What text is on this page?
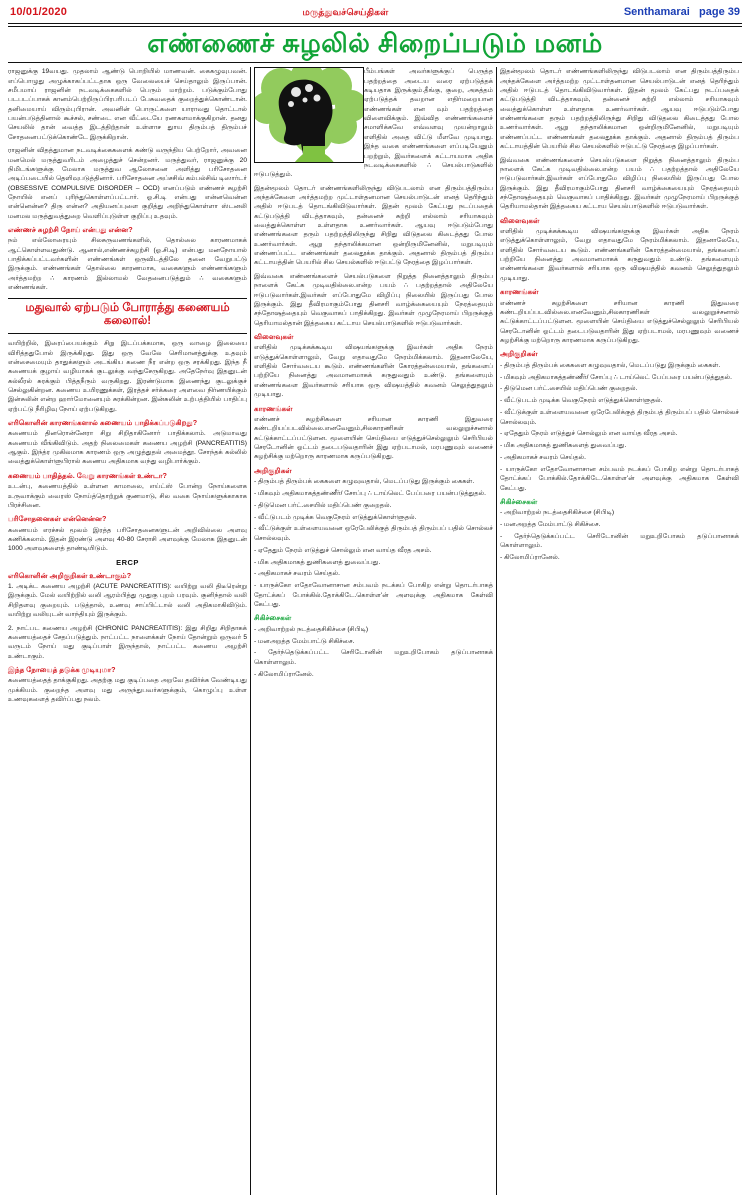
10/01/2020	மருத்துவச்செய்திகள்	Senthamarai   page 39
எண்ணைச் சுழலில் சிறைப்படும் மனம்

ராஜனுக்கு 19வயது. முதலாம் ஆண்டு பொறியில் மாணவன். கைகழுவுபவன். எப்பொழுது அழுக்காகப்பட்டதாக ஒரு வேலையைச் செய்தாலும் இருப்பான். சமீபமாய் ராஜனின் நடவடிக்கைகளில் பெரும் மாற்றம். படுக்கும்போது படபடப்பாகக் கானம்பெற்றிருப்பிரபரிபடப் பேசுவதைக் குறைத்துக்கொண்டான். தனிமையாய் விரும்புபிரான். அவனின் பொருட்களை யாராவது தொட்டால் பயன்படுத்தினால் கூச்சல், சண்டை என வீட்டையே ரணகளமாக்குகிறான். தனது செயலில் தான் வைத்த இடத்திற்தான் உள்ளாச துாய திரும்பத் திரும்பச் சோதனைபட்டுக்கொண்டே இருக்கிறான்.

ராஜனின் விதத்துமான நடவடிக்கைகளைக் கண்டு வருந்திய பெற்றோர், அவனை மனமெல் மருத்துவரிடம் அழைத்துச் சென்றனர். மருத்துவர், ராஜனுக்கு 20 நிமிடங்களுக்கு மேலாக மருத்துவ ஆலோசனை அளித்து பரிசோதனை அடிப்படையில் தெளிவுபடுத்தினார். பரிசோதனை அப்சசிவ் கம்பல்சிவ் டிஸார்டர் (OBSESSIVE COMPULSIVE DISORDER – OCD) எனப்படும் எண்ணச் சுழற்சி நோயில் எனப் புரிந்துகொள்ளப்பட்டார். ஓ.சி.டி என்பது என்னவென்ன என்னென்ன? திரு என்ன? அதியனப்புளை குறித்து அறிந்துகொள்ளா ஸ்டனலி மனமல மருத்துவத்துறை வெளிப்புடுள்ள குறிப்பு உதவும்.

எண்ணச் சுழற்சி நோய் என்பது என்ன?

நம் எல்லோரையும் சிலசுருவணங்களில், தொல்லை காரணமாகக் ஆட்கொள்ளவதுண்டு. ஆனால்,எண்ணச்சுழற்சி (ஓ.சி.டி) என்பது மனநோயால் பாதிக்கப்பட்டவர்களின் எண்ணங்கள் ஒருவிடத்திலே தனை வேறுபட்டு இருக்கும். எண்ணங்கள் தொல்லை காரணமாக, வகைகளும் எண்ணங்களும் அர்த்தமற்ற ∴ காரணம் இல்லாமல் வேதனைபடுத்தும் ∴ வகைகளும் எண்ணங்கள்.

மதுவால் ஏற்படும் போராத்து கணையம் கலைால்!

வயிற்றில், இரைப்பையக்கும் சிறு இடப்பக்கமாக, ஒரு வாழை இலையை விரித்ததுபோல் இருக்கிறது. இது ஒரு வேலே செரிமானத்துக்கு உதவும் என்சைமையும் தாதுக்களும் அடங்கிய கணை நீர என்ற ஒரு சரக்கிறது. இந்த நீ கணையக் குழாய் வழியாகக் குடலுக்கு வந்துசேருகிறது. அதேநேர்வு இதனுடன் கல்லீரல் சுரக்கும் பித்தநீரும் வருகிறது. இரண்டுமாக இணைந்து குடலுக்குச் செல்லுகின்றன. கணைய உயிரணுக்கள், இரத்தச் சர்க்கரை அளவை நிர்ணயிக்கும் இன்சுலின் என்ற ஹார்மோனையும் சுரக்கின்றன. இன்சுலின் உற்பத்தியில் பாதிப்பு ஏற்பட்டு நீரிழிவு நோய் ஏற்படுகிறது.

எரிகொளின் காரணங்களால் கணையம் பாதிக்கப்படுகிறது?

கணையம் தினரொன்னேரா சிறு சிறிதாகினோர் பாதிக்கலாம். அடுமாவது கணையம் வீங்கிவிடும். அதற் நிலைமைகள் கணைய அழற்சி (PANCREATITIS) ஆகும். இந்த்ர முகிலமாக காரணம் ஒரு அழுத்துதல் அமைத்தூ. சோந்தக் கல்லில் வைத்துக்கொள்ளுபிரால் கணைய அதிகமாக வந்து வழிபார்க்கும்.

கணையம் பாதித்தல். வேறு காரணங்கள் உண்டா?

உடன்பு, கணையத்தில் உள்ளன காமாலை, எய்ட்ஸ் போன்ற நோய்களைக உருவாக்கும் வைரஸ் நோய்த்தொற்றுக் குணமாடு, சில வகை நோய்களுக்காகாக பிரச்சினை.

பரிசோதனைகள் என்னென்ன?

கணையம் எரச்சல் மூலம் இரத்த பரிசோதனைகளுடன் அறிவில்லை அளவு கணிக்கலாம். இதன் இரண்டு அளவு 40-80 சேராசி அளவுக்கு மேலாக இதனுடன் 1000 அளவுகளைத் தாண்டியிடும்.

ERCP
எரிகொளின் அறிகுறிகள் உண்டாகும்?

1. அடிக்ட கணைய அழற்சி (ACUTE PANCREATITIS): வயிற்று வலி திடீரென்று இருக்கும். மேல் வயிற்றில் வலி ஆரம்பித்து முதுகு புறம் பரவும். குனிந்தால் வலி சிறிதளவு குறையும். படுத்தால், உணவு சாப்பிட்டால் வலி அதிகமாகிவிடும். வயிற்று வலியுடன் வாந்தியும் இருக்கும்.

2. நாட்பட கணைய அழற்சி (CHRONIC PANCREATITIS): இது சிறிது சிறிதாகக் கணையத்தைச் சேதப்படுத்தும். நாட்பட்ட நாளைக்கள் நோய் தோன்றும் ஒருவர் 5 வருடம் நோய் மது குடிப்பாள் இருந்தால், நாட்பட்ட கணைய அழற்சி உண்டாகும்.

இந்த நோயைத் தடுக்க முடியுமா?

கணையத்தைத் தாக்குகிறது. அதற்கு மது குடிப்பதை அறவே தவிர்க்க வேண்டியது முக்கியம். குறைந்த அளவு மது அருந்துபவர்களுக்கும், கொழுப்பு உள்ள உணவுகளைத் தவிர்ப்பது நலம்.

பீம்பங்கள் அவர்களுக்குப் பெருத்த பதற்றத்தை அடைய வரை ஏற்படுத்தக் கடியதாக இருக்கும்.தீங்கு, குறை, அசுத்தம் ஏற்படுத்தக் தவறான எதிர்மறையான எண்ணங்கள் என வும் பதற்றத்தை விளைவிக்கும். இவ்வித எண்ணங்களைச் சமாளிக்கவே எவ்வளவு முயன்றாலும் எளிதில் அதை விட்டு மீளவே முடியாது. இந்த வகை எண்ணங்களை எப்படியேனும் பறற்றும், இவர்களைக் கட்டாயமாக அதிக நடவடிக்கைகளில் ∴ செயல்பாடுகளில் ஈடுபடுத்தும்.

இதன்மூலம் தொடர் எண்ணங்களிலிருந்து விடுபடலாம் என திரும்பத்திரும்ப அந்தக்கேளை அர்த்தமற்ற முட்டாள்தனமான செயல்பாடுடன் எனத் தெரிந்தும் அதில் ஈடுபடத் தொடங்கிவிடுவார்கள். இதன் மூலம் கேட்பது நடப்பதைக் கட்டுபடுத்தி விடத்தாகவும், தன்னைச் சுற்றி எல்லாம் சரியாகவும் வைத்துக்கொள்ள உள்ளதாக உணர்வார்கள். ஆயவு ஈடுபடும்போது எண்ணங்களை தரும் பதற்றத்திலிருந்து சிறிது விடுதலை கிடைத்தது போல உணர்வார்கள். ஆறு தந்தாலிக்கமான ஒன்றிருமினேனில், மறுபடியும் எண்ணப்பட்ட எண்ணங்கள் தலைதூக்க தாக்கும். அதனால் திரும்பத் திரும்ப கட்டாயத்தின் பெயரில் சில செயல்களில் ஈடுபட்டு நேரத்தை இழப்பார்கள்.

இவ்வகை எண்ணங்களைச் செயல்படுகளை நிறுத்த நினைத்தாலும் திரும்ப நாளைக் கேட்க முடிவதில்லை.என்ற பயம் ∴ பதற்றத்தால் அதிலேயே ஈடுபடுவார்கள்.இவர்கள் எப்போதுமே விழிப்பு நிலையில் இருப்பது போல இருக்கும். இது தீவிரமாகும்போது தினசரி வாழ்க்கையையும் நேரத்தையும் சந்தோஷத்தையும் வெகுவாகப் பாதிக்கிறது. இவர்கள் முழுநேரமாய் பிறருக்குத் தெரியாமல்தான் இத்தகைய கட்டாய செயல்பாடுகளில் ஈடுபடுவார்கள்.

விளைவுகள்

எளிதில் முடிக்கக்கூடிய விஷயங்களுக்கு இவர்கள் அதிக நேரம் எடுத்துக்கொள்ளாலும், வேறு எதாவதுமே நேரம்மிக்கலாம். இதனாலேயே, எளிதில் சோர்வடைய கூடும். எண்ணங்களின் கோரத்தன்மையால், தங்களைப் பற்றியே நினைத்து அவமானமாகக் கருதுவதும் உண்டு. தங்களையும் எண்ணங்களை இவர்களால் சரியாக ஒரு விஷயத்தில் கவனம் செலுத்துதலும் முடியாது.

காரணங்கள்

எண்ணச் சுழற்சிகளை சரியான காரணி இதுவரை கண்டறியப்படவில்லை.எனவேனும்,சிலகாரணிகள் வலலுறுச்சனால் சுட்டுக்காட்டப்பட்டுளன. மூளையின் செய்தியை எடுத்துச்செல்லுலும் செரிபியல் செரடோனின் ஓட்டம் தடைபடுவதாரின் இது ஏற்படாமல், மரபணுவும் வணைச் சுழற்சிக்கு மற்றொரு காரணமாக கருப்படுகிறது.

அறிகுறிகள்

- திரும்பத் திரும்பக் கைகளை கழுவுவதால், மெடப்படுது இருக்கும் கைகள்.

- மிகவும் அதிகமாகத்தண்ணீர்/ சோப்பு ∴ டாய்லெட் பேப்பரை பயன்படுத்துதல்.

- திடுமென பர்ட்.சையில் மதிப்பெண் குறைதல்.

- வீட்டுபடம் முடிக்க வெகுநேரம் எடுத்துக்கொள்ளுதல்.

- வீட்டுக்குள் உள்ளையவனை ஒரேபேலிக்குத் திரும்பத் திரும்பப் பதில் சொல்லச் சொல்லவும்.

- ஏதேதும் நேரம் எடுத்துச் சொல்லும் என வாய்த வீரத அசம்.

- மிக அதிகமாகத் துணிகளைத் துவைப்பது.

- அதிகமாகச் சவரம் செய்தல்.

- யாருக்கோ எதோவோனாசான சம்பவம் நடக்கப் போகிற என்று தொடர்பாகத் தோட்க்கப் போக்கில்.தோக்கிடே.கொள்ள'ன் அளவுக்கு அதிகமாக கேள்வி கேட்பது.

சிகிச்சைகள்

- அறிவாற்றல் நடத்தைசிகிச்சை (சிபிடி)

- மனஅறத்த மேம்பாட்டு சிகிச்சை.

- தேர்ந்தெடுக்கப்பட்ட செரிடோனின் மறுஉறிபோகம் தடுப்பானாகக் கொள்ளாலும்.

- கிலோமிப்ரானேல்.

இதன்மூலம் தொடர் எண்ணங்களிலிருந்து விடுபடலாம் என திரும்பத்திரும்ப அந்தக்கேளை அர்த்தமற்ற முட்டாள்தனமான செயல்பாடுடன் எனத் தெரிந்தும் அதில் ஈடுபடத் தொடங்கிவிடுவார்கள். இதன் மூலம் கேட்பது நடப்பதைக் கட்டுபடுத்தி விடத்தாகவும், தன்னைச் சுற்றி எல்லாம் சரியாகவும் வைத்துக்கொள்ள உள்ளதாக உணர்வார்கள். ஆயவு ஈடுபடும்போது எண்ணங்களை தரும் பதற்றத்திலிருந்து சிறிது விடுதலை கிடைத்தது போல உணர்வார்கள். ஆறு தந்தாலிக்கமான ஒன்றிருமினேனில், மறுபடியும் எண்ணப்பட்ட எண்ணங்கள் தலைதூக்க தாக்கும். அதனால் திரும்பத் திரும்ப கட்டாயத்தின் பெயரில் சில செயல்களில் ஈடுபட்டு நேரத்தை இழப்பார்கள்.

இவ்வகை எண்ணங்களைச் செயல்படுகளை நிறுத்த நினைத்தாலும் திரும்ப நாளைக் கேட்க முடிவதில்லை.என்ற பயம் ∴ பதற்றத்தால் அதிலேயே ஈடுபடுவார்கள்.இவர்கள் எப்போதுமே விழிப்பு நிலையில் இருப்பது போல இருக்கும். இது தீவிரமாகும்போது தினசரி வாழ்க்கையையும் நேரத்தையும் சந்தோஷத்தையும் வெகுவாகப் பாதிக்கிறது. இவர்கள் முழுநேரமாய் பிறருக்குத் தெரியாமல்தான் இத்தகைய கட்டாய செயல்பாடுகளில் ஈடுபடுவார்கள்.

விளைவுகள்

எளிதில் முடிக்கக்கூடிய விஷயங்களுக்கு இவர்கள் அதிக நேரம் எடுத்துக்கொள்ளாலும், வேறு எதாவதுமே நேரம்மிக்கலாம். இதனாலேயே, எளிதில் சோர்வடைய கூடும். எண்ணங்களின் கோரத்தன்மையால், தங்களைப் பற்றியே நினைத்து அவமானமாகக் கருதுவதும் உண்டு. தங்களையும் எண்ணங்களை இவர்களால் சரியாக ஒரு விஷயத்தில் கவனம் செலுத்துதலும் முடியாது.

காரணங்கள்

எண்ணச் சுழற்சிகளை சரியான காரணி இதுவரை கண்டறியப்படவில்லை.எனவேனும்,சிலகாரணிகள் வலலுறுச்சனால் சுட்டுக்காட்டப்பட்டுளன. மூளையின் செய்தியை எடுத்துச்செல்லுலும் செரிபியல் செரடோனின் ஓட்டம் தடைபடுவதாரின் இது ஏற்படாமல், மரபணுவும் வணைச் சுழற்சிக்கு மற்றொரு காரணமாக கருப்படுகிறது.

அறிகுறிகள்

- திரும்பத் திரும்பக் கைகளை கழுவுவதால், மெடப்படுது இருக்கும் கைகள்.

- மிகவும் அதிகமாகத்தண்ணீர்/ சோப்பு ∴ டாய்லெட் பேப்பரை பயன்படுத்துதல்.

- திடுமென பர்ட்.சையில் மதிப்பெண் குறைதல்.

- வீட்டுபடம் முடிக்க வெகுநேரம் எடுத்துக்கொள்ளுதல்.

- வீட்டுக்குள் உள்ளையவனை ஒரேபேலிக்குத் திரும்பத் திரும்பப் பதில் சொல்லச் சொல்லவும்.

- ஏதேதும் நேரம் எடுத்துச் சொல்லும் என வாய்த வீரத அசம்.

- மிக அதிகமாகத் துணிகளைத் துவைப்பது.

- அதிகமாகச் சவரம் செய்தல்.

- யாருக்கோ எதோவோனாசான சம்பவம் நடக்கப் போகிற என்று தொடர்பாகத் தோட்க்கப் போக்கில்.தோக்கிடே.கொள்ள'ன் அளவுக்கு அதிகமாக கேள்வி கேட்பது.

சிகிச்சைகள்

- அறிவாற்றல் நடத்தைசிகிச்சை (சிபிடி)

- மனஅறத்த மேம்பாட்டு சிகிச்சை.

- தேர்ந்தெடுக்கப்பட்ட செரிடோனின் மறுஉறிபோகம் தடுப்பானாகக் கொள்ளாலும்.

- கிலோமிப்ரானேல்.
